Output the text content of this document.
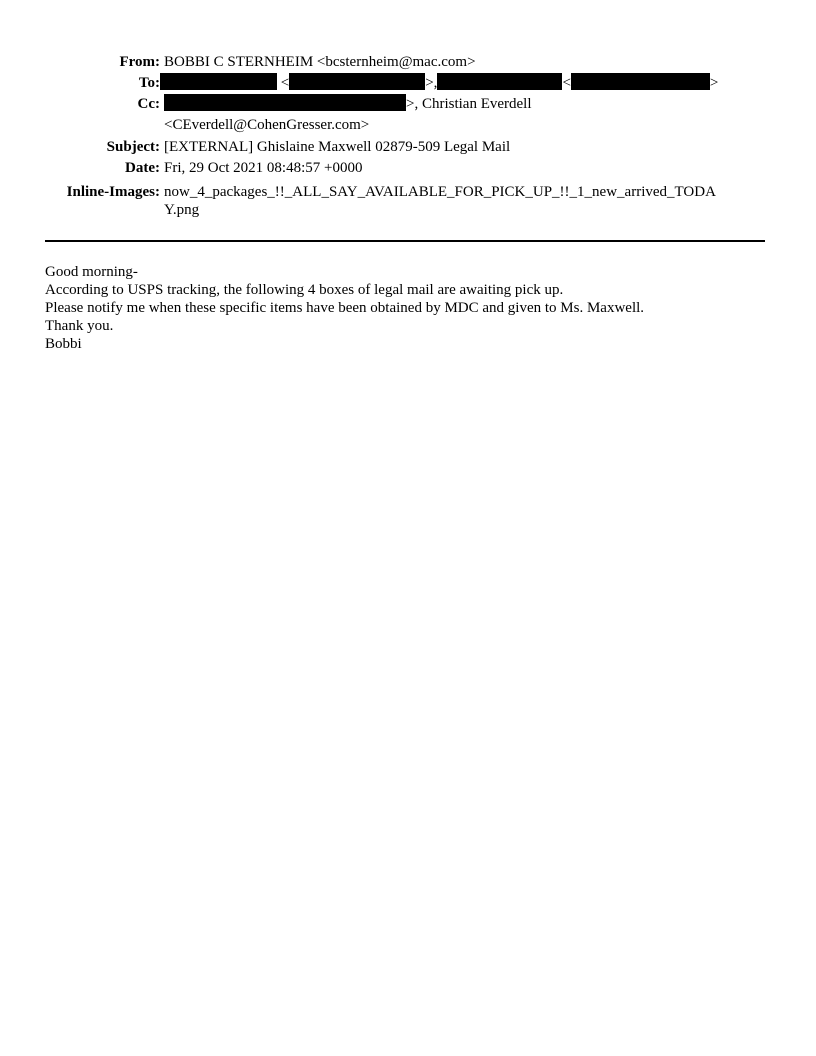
From: BOBBI C STERNHEIM <bcsternheim@mac.com>
To:	<	>,	<	>
Cc:	>, Christian Everdell
<CEverdell@CohenGresser.com>
Subject: [EXTERNAL] Ghislaine Maxwell 02879-509 Legal Mail
Date: Fri, 29 Oct 2021 08:48:57 +0000
Inline-Images: now_4_packages_!!_ALL_SAY_AVAILABLE_FOR_PICK_UP_!!_1_new_arrived_TODA
Y.png
Good morning-
According to USPS tracking, the following 4 boxes of legal mail are awaiting pick up.
Please notify me when these specific items have been obtained by MDC and given to Ms. Maxwell.
Thank you.
Bobbi
